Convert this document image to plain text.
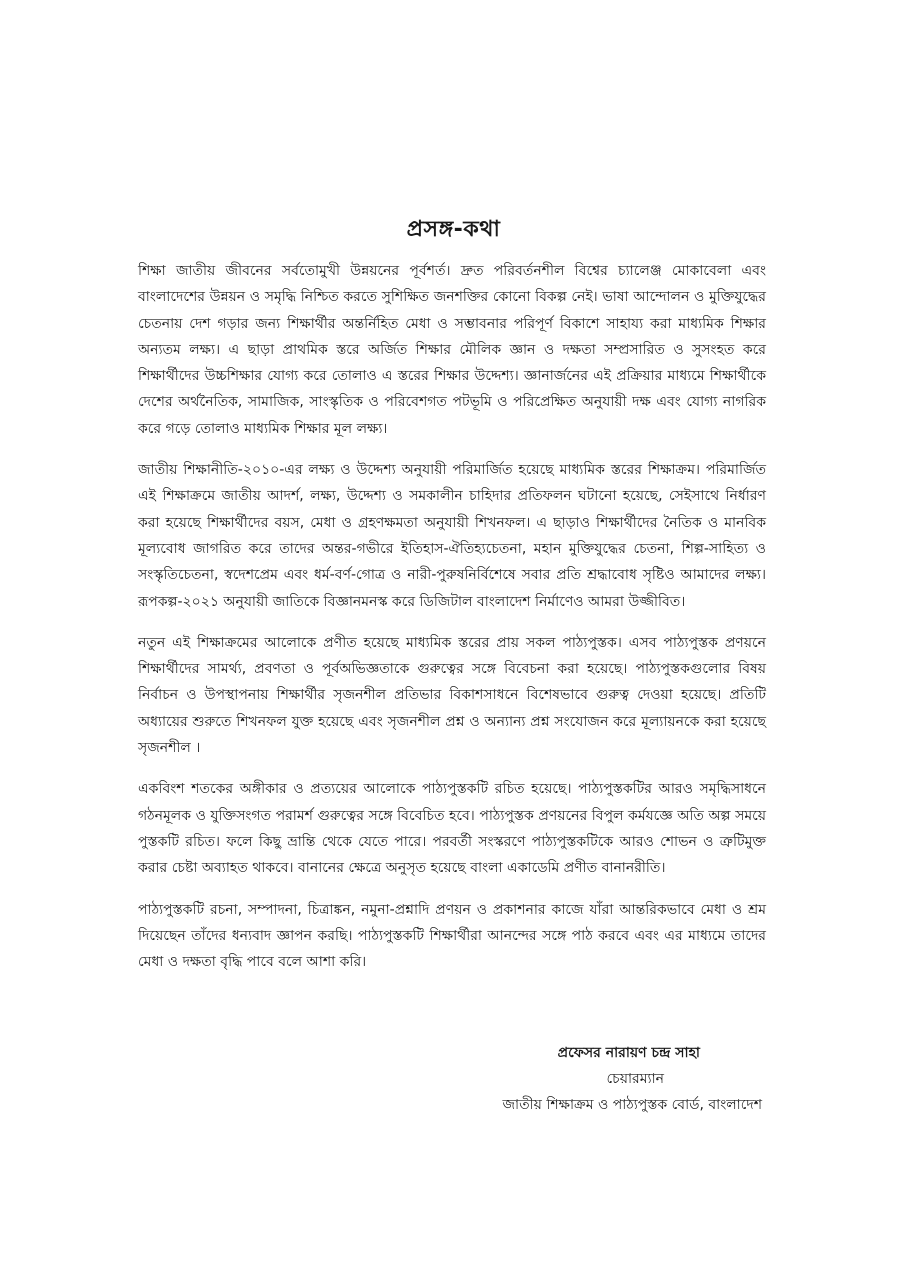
প্রসঙ্গ-কথা

শিক্ষা জাতীয় জীবনের সর্বতোমুখী উন্নয়নের পূর্বশর্ত। দ্রুত পরিবর্তনশীল বিশ্বের চ্যালেঞ্জ মোকাবেলা এবং বাংলাদেশের উন্নয়ন ও সমৃদ্ধি নিশ্চিত করতে সুশিক্ষিত জনশক্তির কোনো বিকল্প নেই। ভাষা আন্দোলন ও মুক্তিযুদ্ধের চেতনায় দেশ গড়ার জন্য শিক্ষার্থীর অন্তর্নিহিত মেধা ও সম্ভাবনার পরিপূর্ণ বিকাশে সাহায্য করা মাধ্যমিক শিক্ষার অন্যতম লক্ষ্য। এ ছাড়া প্রাথমিক স্তরে অর্জিত শিক্ষার মৌলিক জ্ঞান ও দক্ষতা সম্প্রসারিত ও সুসংহত করে শিক্ষার্থীদের উচ্চশিক্ষার যোগ্য করে তোলাও এ স্তরের শিক্ষার উদ্দেশ্য। জ্ঞানার্জনের এই প্রক্রিয়ার মাধ্যমে শিক্ষার্থীকে দেশের অর্থনৈতিক, সামাজিক, সাংস্কৃতিক ও পরিবেশগত পটভূমি ও পরিপ্রেক্ষিত অনুযায়ী দক্ষ এবং যোগ্য নাগরিক করে গড়ে তোলাও মাধ্যমিক শিক্ষার মূল লক্ষ্য।

জাতীয় শিক্ষানীতি-২০১০-এর লক্ষ্য ও উদ্দেশ্য অনুযায়ী পরিমার্জিত হয়েছে মাধ্যমিক স্তরের শিক্ষাক্রম। পরিমার্জিত এই শিক্ষাক্রমে জাতীয় আদর্শ, লক্ষ্য, উদ্দেশ্য ও সমকালীন চাহিদার প্রতিফলন ঘটানো হয়েছে, সেইসাথে নির্ধারণ করা হয়েছে শিক্ষার্থীদের বয়স, মেধা ও গ্রহণক্ষমতা অনুযায়ী শিখনফল। এ ছাড়াও শিক্ষার্থীদের নৈতিক ও মানবিক মূল্যবোধ জাগরিত করে তাদের অন্তর-গভীরে ইতিহাস-ঐতিহ্যচেতনা, মহান মুক্তিযুদ্ধের চেতনা, শিল্প-সাহিত্য ও সংস্কৃতিচেতনা, স্বদেশপ্রেম এবং ধর্ম-বর্ণ-গোত্র ও নারী-পুরুষনির্বিশেষে সবার প্রতি শ্রদ্ধাবোধ সৃষ্টিও আমাদের লক্ষ্য। রূপকল্প-২০২১ অনুযায়ী জাতিকে বিজ্ঞানমনস্ক করে ডিজিটাল বাংলাদেশ নির্মাণেও আমরা উজ্জীবিত।

নতুন এই শিক্ষাক্রমের আলোকে প্রণীত হয়েছে মাধ্যমিক স্তরের প্রায় সকল পাঠ্যপুস্তক। এসব পাঠ্যপুস্তক প্রণয়নে শিক্ষার্থীদের সামর্থ্য, প্রবণতা ও পূর্বঅভিজ্ঞতাকে গুরুত্বের সঙ্গে বিবেচনা করা হয়েছে। পাঠ্যপুস্তকগুলোর বিষয় নির্বাচন ও উপস্থাপনায় শিক্ষার্থীর সৃজনশীল প্রতিভার বিকাশসাধনে বিশেষভাবে গুরুত্ব দেওয়া হয়েছে। প্রতিটি অধ্যায়ের শুরুতে শিখনফল যুক্ত হয়েছে এবং সৃজনশীল প্রশ্ন ও অন্যান্য প্রশ্ন সংযোজন করে মূল্যায়নকে করা হয়েছে সৃজনশীল ।

একবিংশ শতকের অঙ্গীকার ও প্রত্যয়ের আলোকে পাঠ্যপুস্তকটি রচিত হয়েছে। পাঠ্যপুস্তকটির আরও সমৃদ্ধিসাধনে গঠনমূলক ও যুক্তিসংগত পরামর্শ গুরুত্বের সঙ্গে বিবেচিত হবে। পাঠ্যপুস্তক প্রণয়নের বিপুল কর্মযজ্ঞে অতি অল্প সময়ে পুস্তকটি রচিত। ফলে কিছু ভ্রান্তি থেকে যেতে পারে। পরবর্তী সংস্করণে পাঠ্যপুস্তকটিকে আরও শোভন ও ত্রুটিমুক্ত করার চেষ্টা অব্যাহত থাকবে। বানানের ক্ষেত্রে অনুসৃত হয়েছে বাংলা একাডেমি প্রণীত বানানরীতি।

পাঠ্যপুস্তকটি রচনা, সম্পাদনা, চিত্রাঙ্কন, নমুনা-প্রশ্নাদি প্রণয়ন ও প্রকাশনার কাজে যাঁরা আন্তরিকভাবে মেধা ও শ্রম দিয়েছেন তাঁদের ধন্যবাদ জ্ঞাপন করছি। পাঠ্যপুস্তকটি শিক্ষার্থীরা আনন্দের সঙ্গে পাঠ করবে এবং এর মাধ্যমে তাদের মেধা ও দক্ষতা বৃদ্ধি পাবে বলে আশা করি।

প্রফেসর নারায়ণ চন্দ্র সাহা

চেয়ারম্যান

জাতীয় শিক্ষাক্রম ও পাঠ্যপুস্তক বোর্ড, বাংলাদেশ
